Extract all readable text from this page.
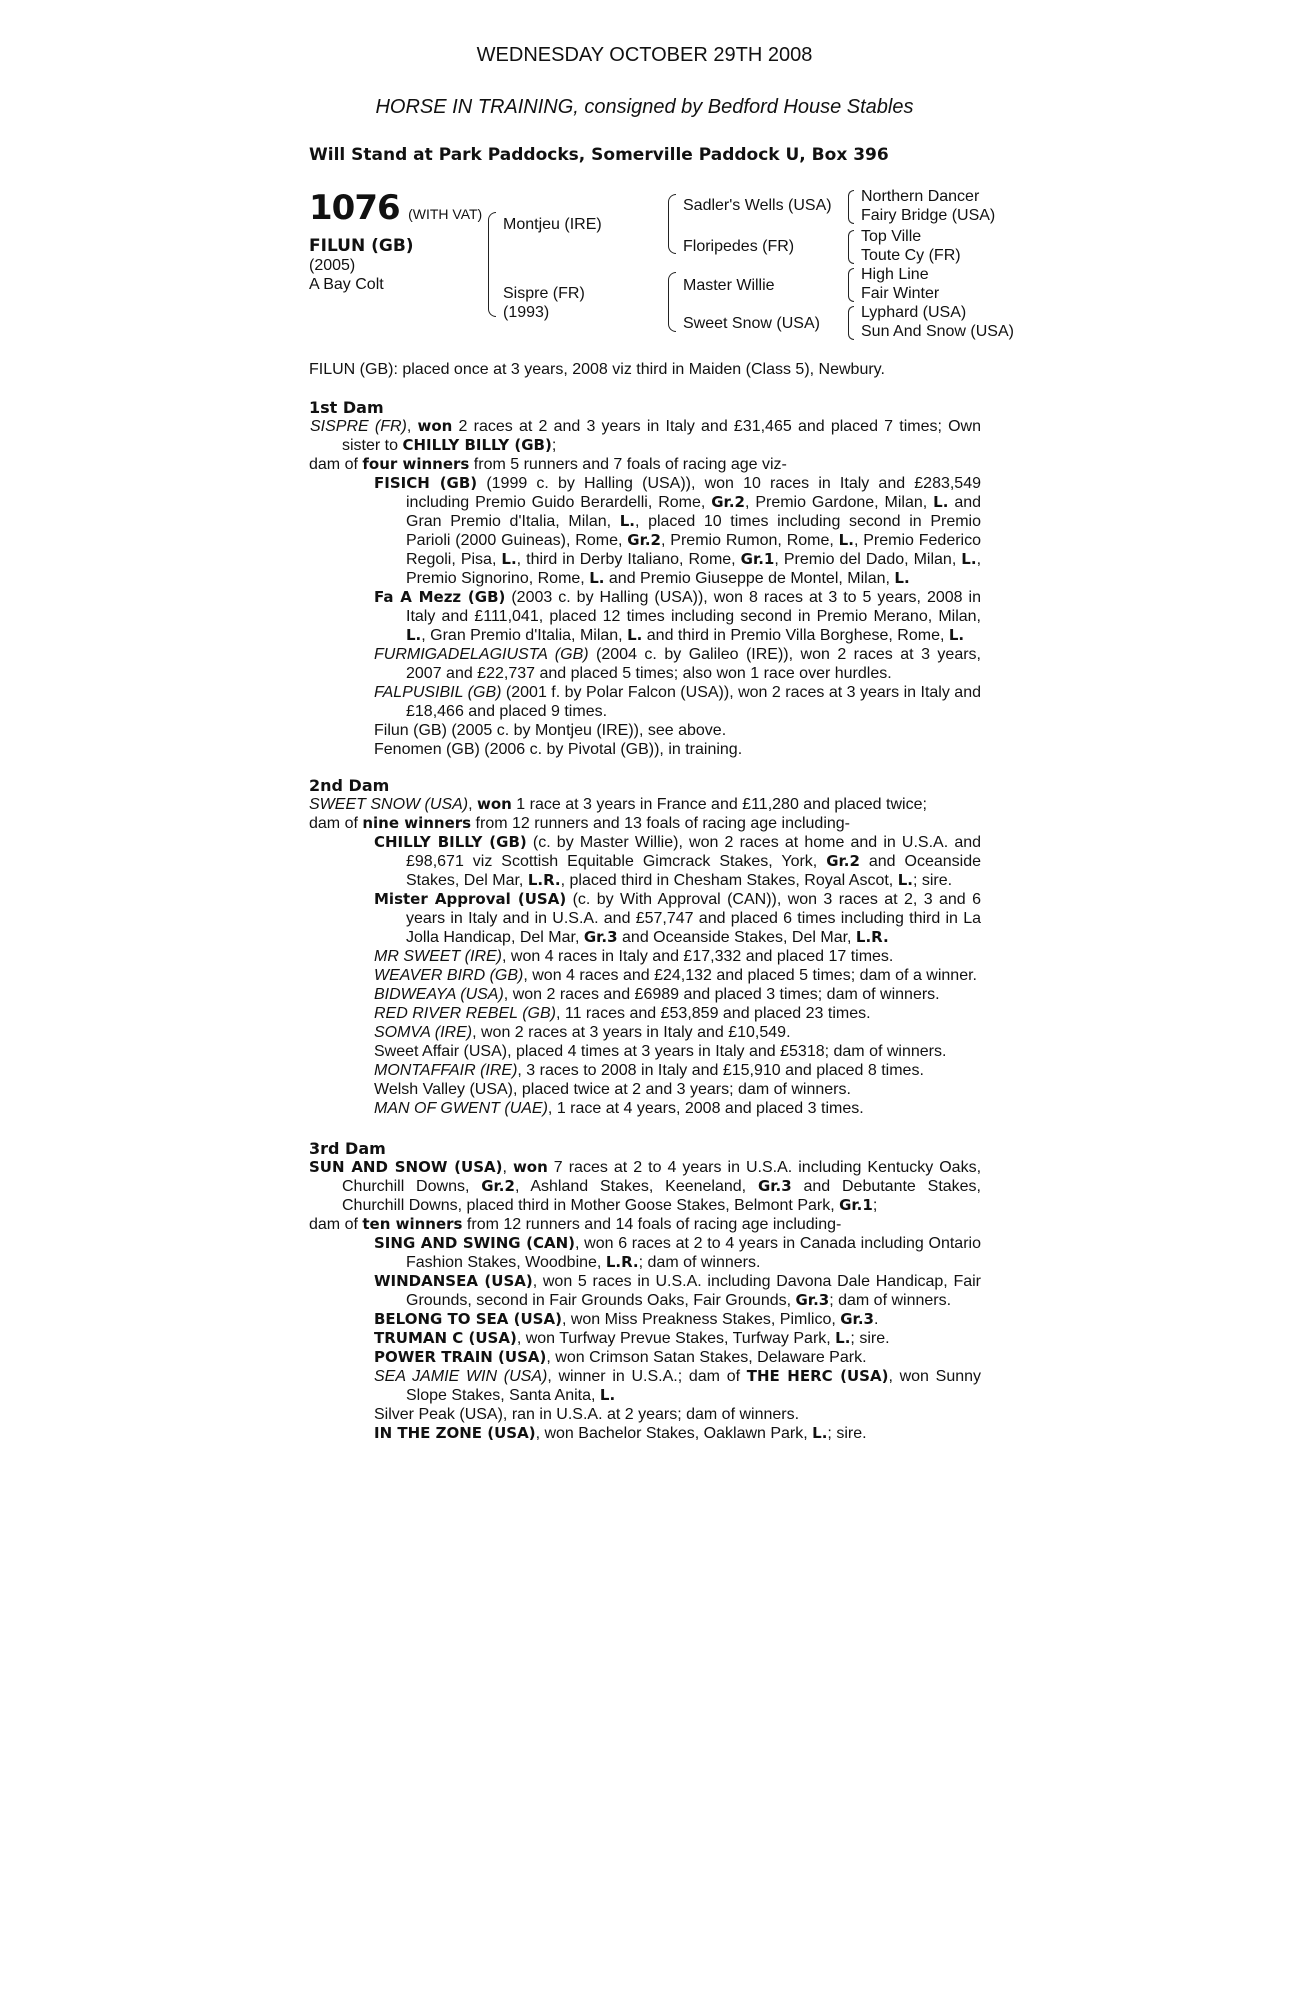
WEDNESDAY OCTOBER 29TH 2008
HORSE IN TRAINING, consigned by Bedford House Stables
Will Stand at Park Paddocks, Somerville Paddock U, Box 396
1076 (WITH VAT)
FILUN (GB)
(2005)
A Bay Colt
Montjeu (IRE)
Sispre (FR)
(1993)
Sadler's Wells (USA)
Floripedes (FR)
Master Willie
Sweet Snow (USA)
Northern Dancer
Fairy Bridge (USA)
Top Ville
Toute Cy (FR)
High Line
Fair Winter
Lyphard (USA)
Sun And Snow (USA)
FILUN (GB): placed once at 3 years, 2008 viz third in Maiden (Class 5), Newbury.
1st Dam

SISPRE (FR), won 2 races at 2 and 3 years in Italy and £31,465 and placed 7 times; Own sister to CHILLY BILLY (GB);

dam of four winners from 5 runners and 7 foals of racing age viz-

FISICH (GB) (1999 c. by Halling (USA)), won 10 races in Italy and £283,549 including Premio Guido Berardelli, Rome, Gr.2, Premio Gardone, Milan, L. and Gran Premio d'Italia, Milan, L., placed 10 times including second in Premio Parioli (2000 Guineas), Rome, Gr.2, Premio Rumon, Rome, L., Premio Federico Regoli, Pisa, L., third in Derby Italiano, Rome, Gr.1, Premio del Dado, Milan, L., Premio Signorino, Rome, L. and Premio Giuseppe de Montel, Milan, L.

Fa A Mezz (GB) (2003 c. by Halling (USA)), won 8 races at 3 to 5 years, 2008 in Italy and £111,041, placed 12 times including second in Premio Merano, Milan, L., Gran Premio d'Italia, Milan, L. and third in Premio Villa Borghese, Rome, L.

FURMIGADELAGIUSTA (GB) (2004 c. by Galileo (IRE)), won 2 races at 3 years, 2007 and £22,737 and placed 5 times; also won 1 race over hurdles.

FALPUSIBIL (GB) (2001 f. by Polar Falcon (USA)), won 2 races at 3 years in Italy and £18,466 and placed 9 times.

Filun (GB) (2005 c. by Montjeu (IRE)), see above.

Fenomen (GB) (2006 c. by Pivotal (GB)), in training.

2nd Dam

SWEET SNOW (USA), won 1 race at 3 years in France and £11,280 and placed twice;

dam of nine winners from 12 runners and 13 foals of racing age including-

CHILLY BILLY (GB) (c. by Master Willie), won 2 races at home and in U.S.A. and £98,671 viz Scottish Equitable Gimcrack Stakes, York, Gr.2 and Oceanside Stakes, Del Mar, L.R., placed third in Chesham Stakes, Royal Ascot, L.; sire.

Mister Approval (USA) (c. by With Approval (CAN)), won 3 races at 2, 3 and 6 years in Italy and in U.S.A. and £57,747 and placed 6 times including third in La Jolla Handicap, Del Mar, Gr.3 and Oceanside Stakes, Del Mar, L.R.

MR SWEET (IRE), won 4 races in Italy and £17,332 and placed 17 times.

WEAVER BIRD (GB), won 4 races and £24,132 and placed 5 times; dam of a winner.

BIDWEAYA (USA), won 2 races and £6989 and placed 3 times; dam of winners.

RED RIVER REBEL (GB), 11 races and £53,859 and placed 23 times.

SOMVA (IRE), won 2 races at 3 years in Italy and £10,549.

Sweet Affair (USA), placed 4 times at 3 years in Italy and £5318; dam of winners.

MONTAFFAIR (IRE), 3 races to 2008 in Italy and £15,910 and placed 8 times.

Welsh Valley (USA), placed twice at 2 and 3 years; dam of winners.

MAN OF GWENT (UAE), 1 race at 4 years, 2008 and placed 3 times.

3rd Dam

SUN AND SNOW (USA), won 7 races at 2 to 4 years in U.S.A. including Kentucky Oaks, Churchill Downs, Gr.2, Ashland Stakes, Keeneland, Gr.3 and Debutante Stakes, Churchill Downs, placed third in Mother Goose Stakes, Belmont Park, Gr.1;

dam of ten winners from 12 runners and 14 foals of racing age including-

SING AND SWING (CAN), won 6 races at 2 to 4 years in Canada including Ontario Fashion Stakes, Woodbine, L.R.; dam of winners.

WINDANSEA (USA), won 5 races in U.S.A. including Davona Dale Handicap, Fair Grounds, second in Fair Grounds Oaks, Fair Grounds, Gr.3; dam of winners.

BELONG TO SEA (USA), won Miss Preakness Stakes, Pimlico, Gr.3.

TRUMAN C (USA), won Turfway Prevue Stakes, Turfway Park, L.; sire.

POWER TRAIN (USA), won Crimson Satan Stakes, Delaware Park.

SEA JAMIE WIN (USA), winner in U.S.A.; dam of THE HERC (USA), won Sunny Slope Stakes, Santa Anita, L.

Silver Peak (USA), ran in U.S.A. at 2 years; dam of winners.

IN THE ZONE (USA), won Bachelor Stakes, Oaklawn Park, L.; sire.
